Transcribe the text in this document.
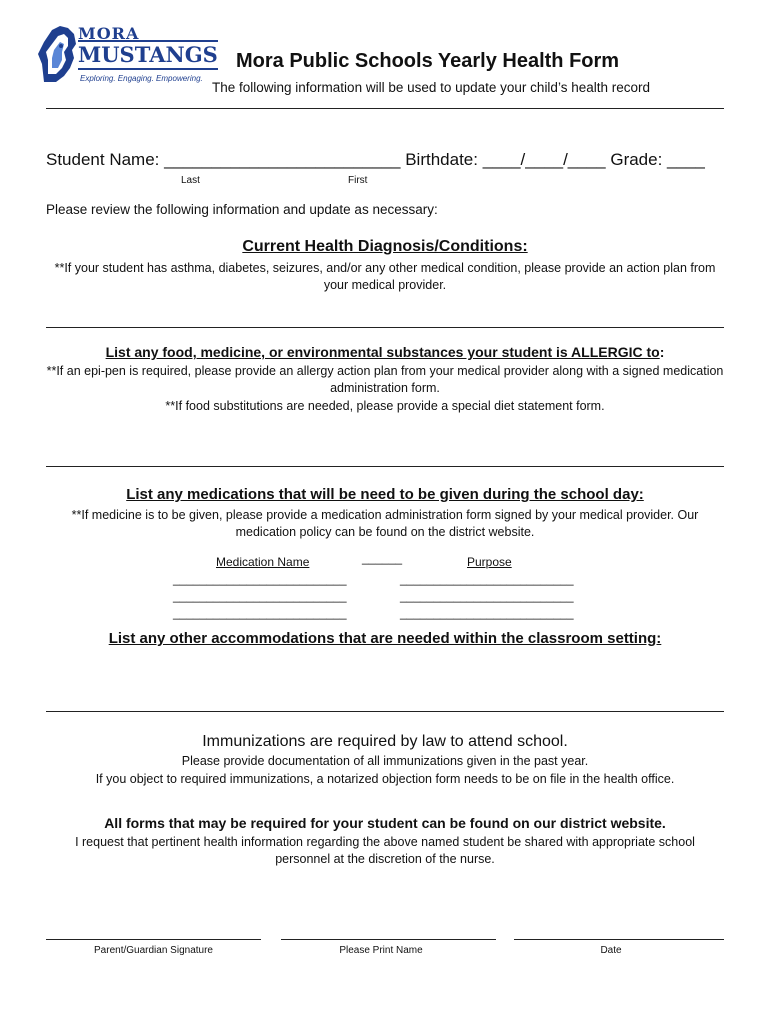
MORA
MUSTANGS
Exploring. Engaging. Empowering.
Mora Public Schools Yearly Health Form
The following information will be used to update your child’s health record
Student Name: _________________________ Birthdate: ____/____/____ Grade: ____
Last	First
Please review the following information and update as necessary:
Current Health Diagnosis/Conditions:
**If your student has asthma, diabetes, seizures, and/or any other medical condition, please provide an action plan from your medical provider.
List any food, medicine, or environmental substances your student is ALLERGIC to:
**If an epi-pen is required, please provide an allergy action plan from your medical provider along with a signed medication administration form.
**If food substitutions are needed, please provide a special diet statement form.
List any medications that will be need to be given during the school day:
**If medicine is to be given, please provide a medication administration form signed by your medical provider. Our medication policy can be found on the district website.
Medication Name	______	Purpose
__________________________
__________________________
__________________________
__________________________
__________________________
__________________________
List any other accommodations that are needed within the classroom setting:
Immunizations are required by law to attend school.
Please provide documentation of all immunizations given in the past year.
If you object to required immunizations, a notarized objection form needs to be on file in the health office.
All forms that may be required for your student can be found on our district website.
I request that pertinent health information regarding the above named student be shared with appropriate school personnel at the discretion of the nurse.
Parent/Guardian Signature	Please Print Name	Date
